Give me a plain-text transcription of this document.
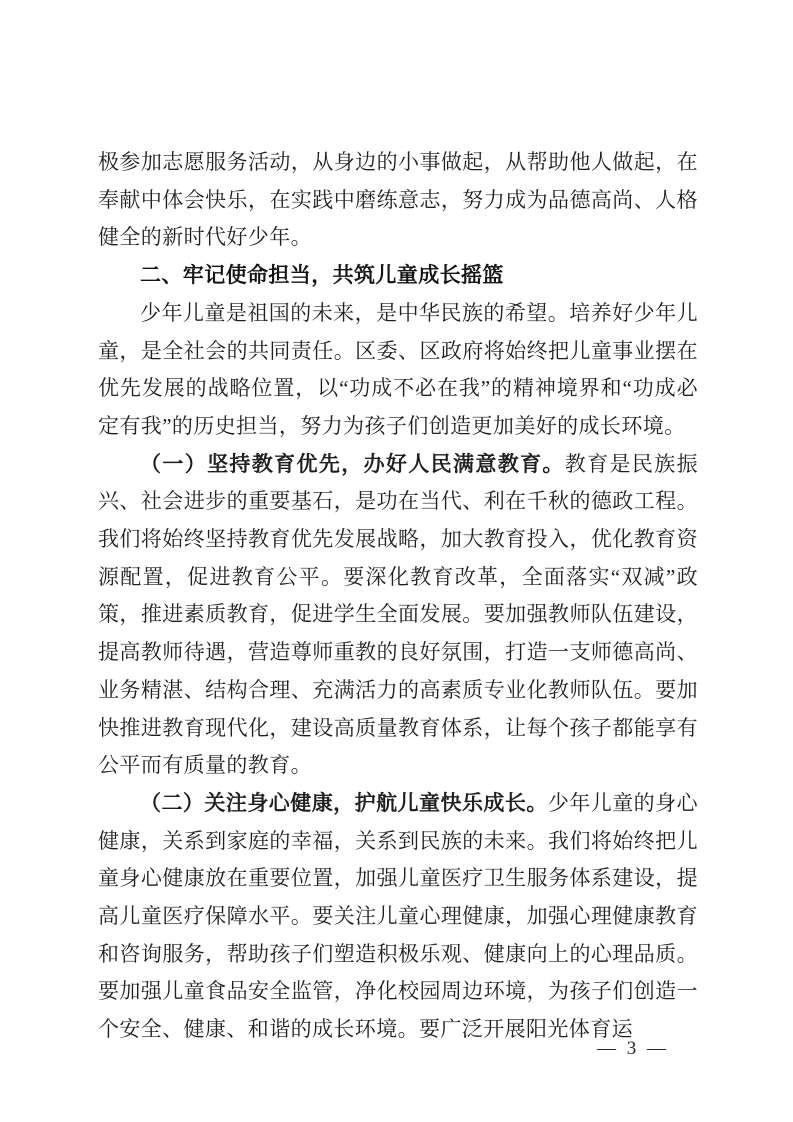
极参加志愿服务活动，从身边的小事做起，从帮助他人做起，在奉献中体会快乐，在实践中磨练意志，努力成为品德高尚、人格健全的新时代好少年。

二、牢记使命担当，共筑儿童成长摇篮

少年儿童是祖国的未来，是中华民族的希望。培养好少年儿童，是全社会的共同责任。区委、区政府将始终把儿童事业摆在优先发展的战略位置，以“功成不必在我”的精神境界和“功成必定有我”的历史担当，努力为孩子们创造更加美好的成长环境。

（一）坚持教育优先，办好人民满意教育。教育是民族振兴、社会进步的重要基石，是功在当代、利在千秋的德政工程。我们将始终坚持教育优先发展战略，加大教育投入，优化教育资源配置，促进教育公平。要深化教育改革，全面落实“双减”政策，推进素质教育，促进学生全面发展。要加强教师队伍建设，提高教师待遇，营造尊师重教的良好氛围，打造一支师德高尚、业务精湛、结构合理、充满活力的高素质专业化教师队伍。要加快推进教育现代化，建设高质量教育体系，让每个孩子都能享有公平而有质量的教育。

（二）关注身心健康，护航儿童快乐成长。少年儿童的身心健康，关系到家庭的幸福，关系到民族的未来。我们将始终把儿童身心健康放在重要位置，加强儿童医疗卫生服务体系建设，提高儿童医疗保障水平。要关注儿童心理健康，加强心理健康教育和咨询服务，帮助孩子们塑造积极乐观、健康向上的心理品质。要加强儿童食品安全监管，净化校园周边环境，为孩子们创造一个安全、健康、和谐的成长环境。要广泛开展阳光体育运

— 3 —
